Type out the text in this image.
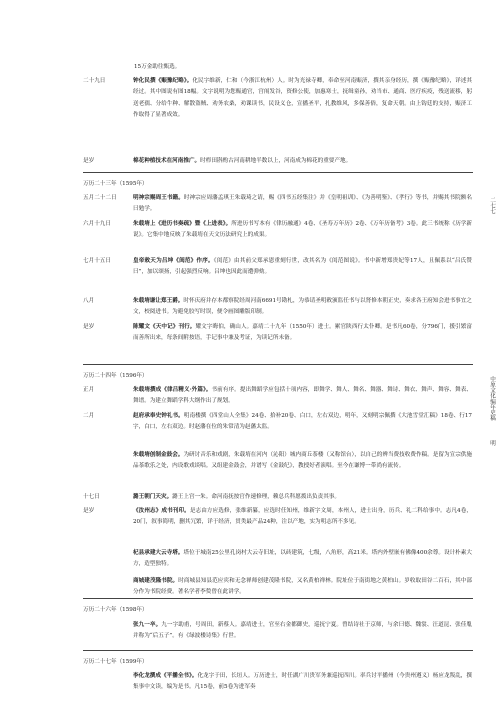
15万金助往甄选。
二七七
中原文化编年史稿
明
二十九日	钟化民撰《赈豫纪略》。化民字维新，仁和（今浙江杭州）人。时为光禄寺卿，奉命至河南赈济，撰其亲身经历，撰《赈豫纪略》，详述其经过。其中图说有图18幅。文字说明为您赈通官，宫闱发谷，资修公使，加惠寒士，抚缉童孙，劝当市、通商、医疗疾疫，残送流移，躬送老孺、分给牛种、解散盗贼、劝务农桑，劝课读书，民设义仓，宣播圣平，扎教维风，多保善俗，复命天朝。由上钩廷的支持，赈济工作取得了显著成效。
是岁	棉花种植技术在河南推广。时栉田斟酌古河南耕地半数以上，河南成为棉花的重要产地。
万历二十三年（1595年）
五月二十二日	明神宗赐周王书籍。时神宗应周藩孟琪王朱载琦之请，赐《四书五经集注》并《皇明祖训》、《为善明鉴》、《孝行》等书，并赐其书院额名曰勉学。
六月十九日	朱载堉上《进历书奏疏》暨《上进表》。所进历书写本有《律历融通》4卷、《圣寿万年历》2卷、《万年历备考》3卷。此三书统称《历学新说》。它集中地反映了朱载堉在天文历法研究上的成果。
七月十五日	皇帝敕天为吕坤《闺范》作序。《闺范》由其前父郑承恩重刻行世，改其名为《闺范图说》。书中新增郑贵妃等17人，且佩系以“吕氏赞曰”，加以颂扬，引起强烈反响。吕坤也因此而遭弹劾。
八月	朱载堉谦让郑王爵。时怀庆府并存本都察院经周河南6691号勘札，为恭请圣明敕颁监任书与以肾修本朝正史，奏求各王府知会进书事宜之文，校阅进书。为避免胶写时误，便令画图雕版印制。
是岁	陈耀文《天中记》刊行。耀文字晦伯，确山人。嘉靖二十九年（1550年）进士。累官陕西行太仆卿。是书凡60卷，分796门，援引繁富而善所出来，每条间附按语，手记事中兼及考证，为读记所未备。
万历二十四年（1596年）
正月	朱载堉撰成《律吕精义·外篇》。书前有序。提出舞蹈学应包括十项内容，即舞学、舞人、舞名、舞器、舞诗、舞衣、舞声、舞容、舞表、舞谱。为建立舞蹈学科大纲作出了规划。
二月	赵府承奉史钟礼书。明南楼撰《四堂山人全集》24卷、拾补20卷、白口，左右双边，明年，又刻明宗佩撰《大池雪堂汇稿》18卷、行17字，白口，左右双边。时赵藩在位的朱常清为赵藩太监。
朱载堉创制金鼓会。为研讨音乐和戏剧，朱载堉在河内（沁阳）城内商丘茶楼（又称馆台），以自己的辨当费技收费作稿。是留为宣宗供施品茶歌乐之处，内设歌戏谈唱。又组建金鼓会，并谱写《金鼓纪》，教授好者演唱。至今在谦博一带尚有流传。
十七日	潞王朝门天灾。潞王上宫一朱。命河南抚按官作速修理，赖总兵科愿拨出负责其事。
是岁	《汝州志》成书刊印。是志由方应选修，张维新纂，应选时任知州，维新字文周，本州人，进士出身，历兵、礼二科给事中。志凡4卷，20门，叙事简明，删其冗繁，详于经济，贯类最产品24种，注以产地，实为明志所不多见。
杞县承建大云寺塔。塔位于城南25公里孔岗村大云寺旧址，以砖建筑，七级，八角形，高21米。塔内外壁嵌有佛像400余尊。设计朴素大方，造型独特。
商城建茂隆书院。时商城县知县范应宾和无念禅师创建茂隆书院，又名黄柏禅林。院址位于南街地之黄柏山。岁收取田谷二百石，其中部分作为书院经费。著名学者李贽曾在此讲学。
万历二十六年（1598年）
张九一卒。九一字助甫，号周田，新蔡人。嘉靖进士，官至右金都御史，巡抚宁夏。曾结诗社于京师，与余曰德、魏裳、汪道昆、张佳胤并称为“后五子”。有《绿波楼诗集》行世。
万历二十七年（1599年）
李化龙撰成《平播全书》。化龙字于田，长垣人。万历进士，时任湖广川贵军务兼巡抚四川。率兵讨平播州（今贵州遵义）杨应龙叛乱，撰集事中文读，编为是书。凡15卷，前5卷为进军奏
